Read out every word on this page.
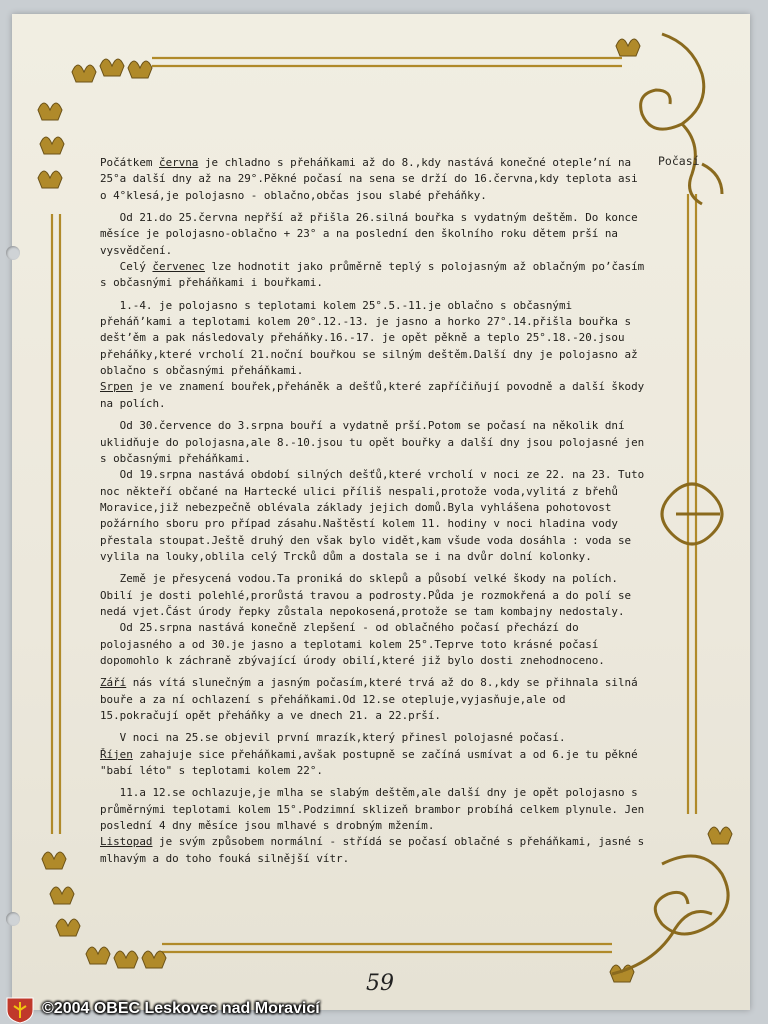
Počasí

Počátkem června je chladno s přeháňkami až do 8.,kdy nastává konečné otepleʼní na 25°a další dny až na 29°.Pěkné počasí na sena se drží do 16.června,kdy teplota asi o 4°klesá,je polojasno - oblačno,občas jsou slabé přeháňky.

Od 21.do 25.června nepřší až přišla 26.silná bouřka s vydatným deštěm. Do konce měsíce je polojasno-oblačno + 23° a na poslední den školního roku dětem prší na vysvědčení.

Celý červenec lze hodnotit jako průměrně teplý s polojasným až oblačným poʼčasím s občasnými přeháňkami i bouřkami.

1.-4. je polojasno s teplotami kolem 25°.5.-11.je oblačno s občasnými přeháňʼkami a teplotami kolem 20°.12.-13. je jasno a horko 27°.14.přišla bouřka s deštʼěm a pak následovaly přeháňky.16.-17. je opět pěkně a teplo 25°.18.-20.jsou přeháňky,které vrcholí 21.noční bouřkou se silným deštěm.Další dny je polojasno až oblačno s občasnými přeháňkami.

Srpen je ve znamení bouřek,přeháněk a dešťů,které zapříčiňují povodně a další škody na polích.

Od 30.července do 3.srpna bouří a vydatně prší.Potom se počasí na několik dní uklidňuje do polojasna,ale 8.-10.jsou tu opět bouřky a další dny jsou polojasné jen s občasnými přeháňkami.

Od 19.srpna nastává období silných dešťů,které vrcholí v noci ze 22. na 23. Tuto noc někteří občané na Hartecké ulici příliš nespali,protože voda,vylitá z břehů Moravice,již nebezpečně oblévala základy jejich domů.Byla vyhlášena pohotovost požárního sboru pro případ zásahu.Naštěstí kolem 11. hodiny v noci hladina vody přestala stoupat.Ještě druhý den však bylo vidět,kam všude voda dosáhla : voda se vylila na louky,oblila celý Trcků dům a dostala se i na dvůr dolní kolonky.

Země je přesycená vodou.Ta proniká do sklepů a působí velké škody na polích. Obilí je dosti polehlé,prorůstá travou a podrosty.Půda je rozmokřená a do polí se nedá vjet.Část úrody řepky zůstala nepokosená,protože se tam kombajny nedostaly.

Od 25.srpna nastává konečně zlepšení - od oblačného počasí přechází do polojasného a od 30.je jasno a teplotami kolem 25°.Teprve toto krásné počasí dopomohlo k záchraně zbývající úrody obilí,které již bylo dosti znehodnoceno.

Září nás vítá slunečným a jasným počasím,které trvá až do 8.,kdy se přihnala silná bouře a za ní ochlazení s přeháňkami.Od 12.se otepluje,vyjasňuje,ale od 15.pokračují opět přeháňky a ve dnech 21. a 22.prší.

V noci na 25.se objevil první mrazík,který přinesl polojasné počasí.

Říjen zahajuje sice přeháňkami,avšak postupně se začíná usmívat a od 6.je tu pěkné "babí léto" s teplotami kolem 22°.

11.a 12.se ochlazuje,je mlha se slabým deštěm,ale další dny je opět polojasno s průměrnými teplotami kolem 15°.Podzimní sklizeň brambor probíhá celkem plynule. Jen poslední 4 dny měsíce jsou mlhavé s drobným mžením.

Listopad je svým způsobem normální - střídá se počasí oblačné s přeháňkami, jasné s mlhavým a do toho fouká silnější vítr.

59
©2004 OBEC Leskovec nad Moravicí
